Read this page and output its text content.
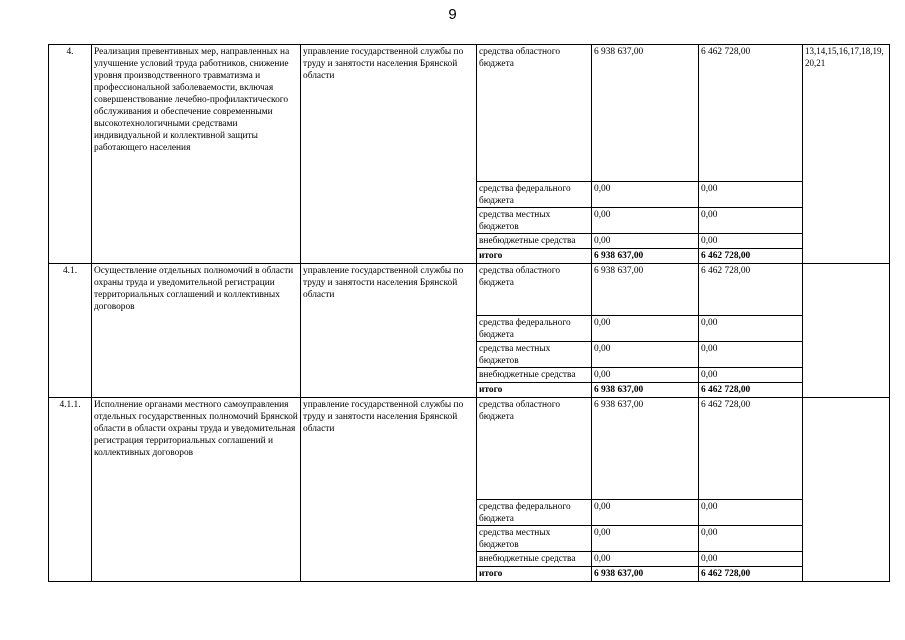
9
4.	Реализация превентивных мер, направленных на улучшение условий труда работников, снижение уровня производственного травматизма и профессиональной заболеваемости, включая совершенствование лечебно-профилактического обслуживания и обеспечение современными высокотехнологичными средствами индивидуальной и коллективной защиты работающего населения	управление государственной службы по труду и занятости населения Брянской области	средства областного бюджета	6 938 637,00	6 462 728,00	13,14,15,16,17,18,19,20,21
			средства федерального бюджета	0,00	0,00	
			средства местных бюджетов	0,00	0,00	
			внебюджетные средства	0,00	0,00	
			итого	6 938 637,00	6 462 728,00	
4.1.	Осуществление отдельных полномочий в области охраны труда и уведомительной регистрации территориальных соглашений и коллективных договоров	управление государственной службы по труду и занятости населения Брянской области	средства областного бюджета	6 938 637,00	6 462 728,00	
			средства федерального бюджета	0,00	0,00	
			средства местных бюджетов	0,00	0,00	
			внебюджетные средства	0,00	0,00	
			итого	6 938 637,00	6 462 728,00	
4.1.1.	Исполнение органами местного самоуправления отдельных государственных полномочий Брянской области в области охраны труда и уведомительная регистрация территориальных соглашений и коллективных договоров	управление государственной службы по труду и занятости населения Брянской области	средства областного бюджета	6 938 637,00	6 462 728,00	
			средства федерального бюджета	0,00	0,00	
			средства местных бюджетов	0,00	0,00	
			внебюджетные средства	0,00	0,00	
			итого	6 938 637,00	6 462 728,00	
